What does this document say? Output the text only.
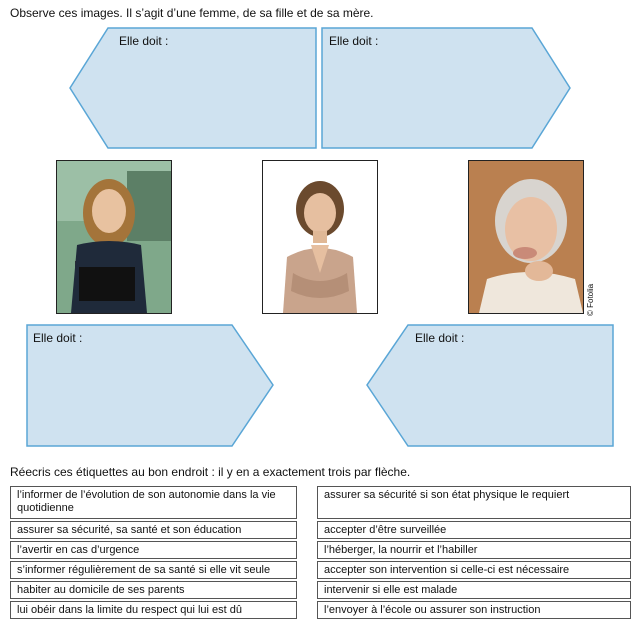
Observe ces images. Il s’agit d’une femme, de sa fille et de sa mère.
Elle doit :	Elle doit :
Elle doit :	Elle doit :
© Fotolia
Réecris ces étiquettes au bon endroit : il y en a exactement trois par flèche.
l’informer de l’évolution de son autonomie dans la vie quotidienne
assurer sa sécurité, sa santé et son éducation
l’avertir en cas d’urgence
s’informer régulièrement de sa santé si elle vit seule
habiter au domicile de ses parents
lui obéir dans la limite du respect qui lui est dû
assurer sa sécurité si son état physique le requiert
accepter d’être surveillée
l’héberger, la nourrir et l’habiller
accepter son intervention si celle-ci est nécessaire
intervenir si elle est malade
l’envoyer à l’école ou assurer son instruction
